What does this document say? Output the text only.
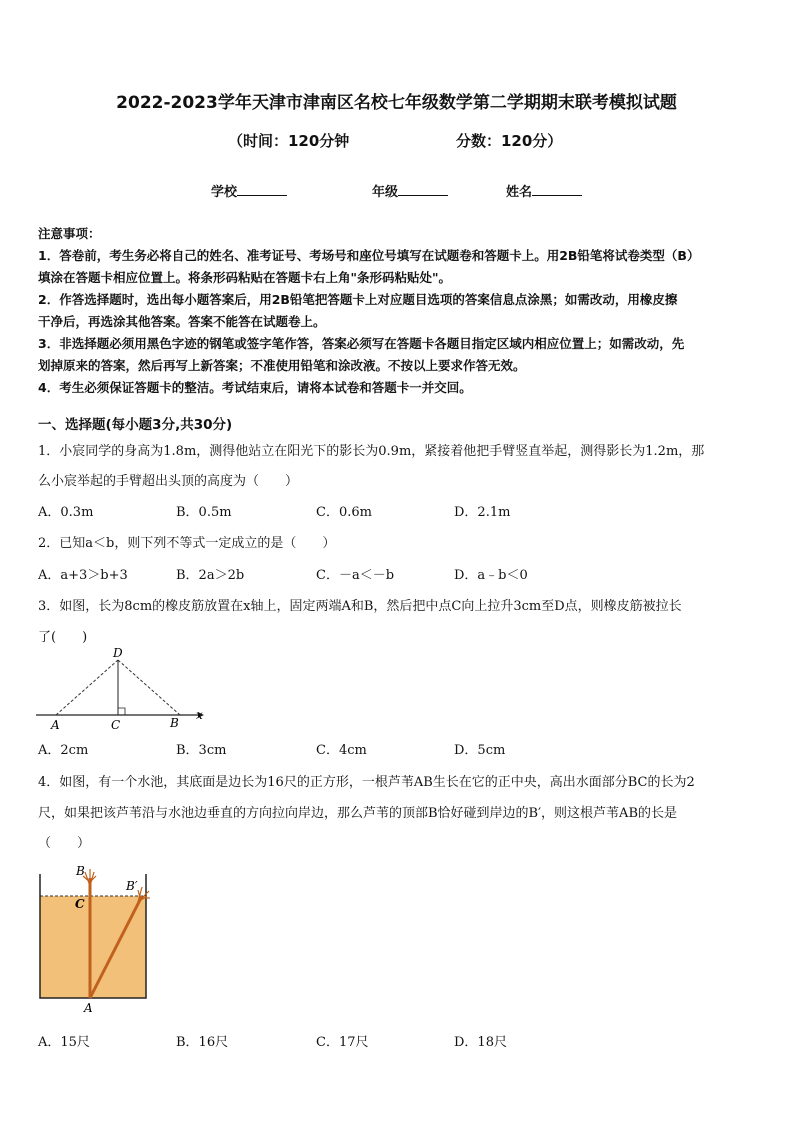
2022-2023学年天津市津南区名校七年级数学第二学期期末联考模拟试题
（时间：120分钟	分数：120分）
学校	年级	姓名
注意事项：
1．答卷前，考生务必将自己的姓名、准考证号、考场号和座位号填写在试题卷和答题卡上。用2B铅笔将试卷类型（B）
填涂在答题卡相应位置上。将条形码粘贴在答题卡右上角"条形码粘贴处"。
2．作答选择题时，选出每小题答案后，用2B铅笔把答题卡上对应题目选项的答案信息点涂黑；如需改动，用橡皮擦
干净后，再选涂其他答案。答案不能答在试题卷上。
3．非选择题必须用黑色字迹的钢笔或签字笔作答，答案必须写在答题卡各题目指定区域内相应位置上；如需改动，先
划掉原来的答案，然后再写上新答案；不准使用铅笔和涂改液。不按以上要求作答无效。
4．考生必须保证答题卡的整洁。考试结束后，请将本试卷和答题卡一并交回。
一、选择题(每小题3分,共30分)
1．小宸同学的身高为1.8m，测得他站立在阳光下的影长为0.9m，紧接着他把手臂竖直举起，测得影长为1.2m，那
么小宸举起的手臂超出头顶的高度为（　　）
A．0.3m	B．0.5m	C．0.6m	D．2.1m
2．已知a＜b，则下列不等式一定成立的是（　　）
A．a+3＞b+3	B．2a＞2b	C．－a＜－b	D．a﹣b＜0
3．如图，长为8cm的橡皮筋放置在x轴上，固定两端A和B，然后把中点C向上拉升3cm至D点，则橡皮筋被拉长
了(　　)
D
A	C	B
x
A．2cm	B．3cm	C．4cm	D．5cm
4．如图，有一个水池，其底面是边长为16尺的正方形，一根芦苇AB生长在它的正中央，高出水面部分BC的长为2
尺，如果把该芦苇沿与水池边垂直的方向拉向岸边，那么芦苇的顶部B恰好碰到岸边的B′，则这根芦苇AB的长是
（　　）
B
B′
C
A
A．15尺	B．16尺	C．17尺	D．18尺
